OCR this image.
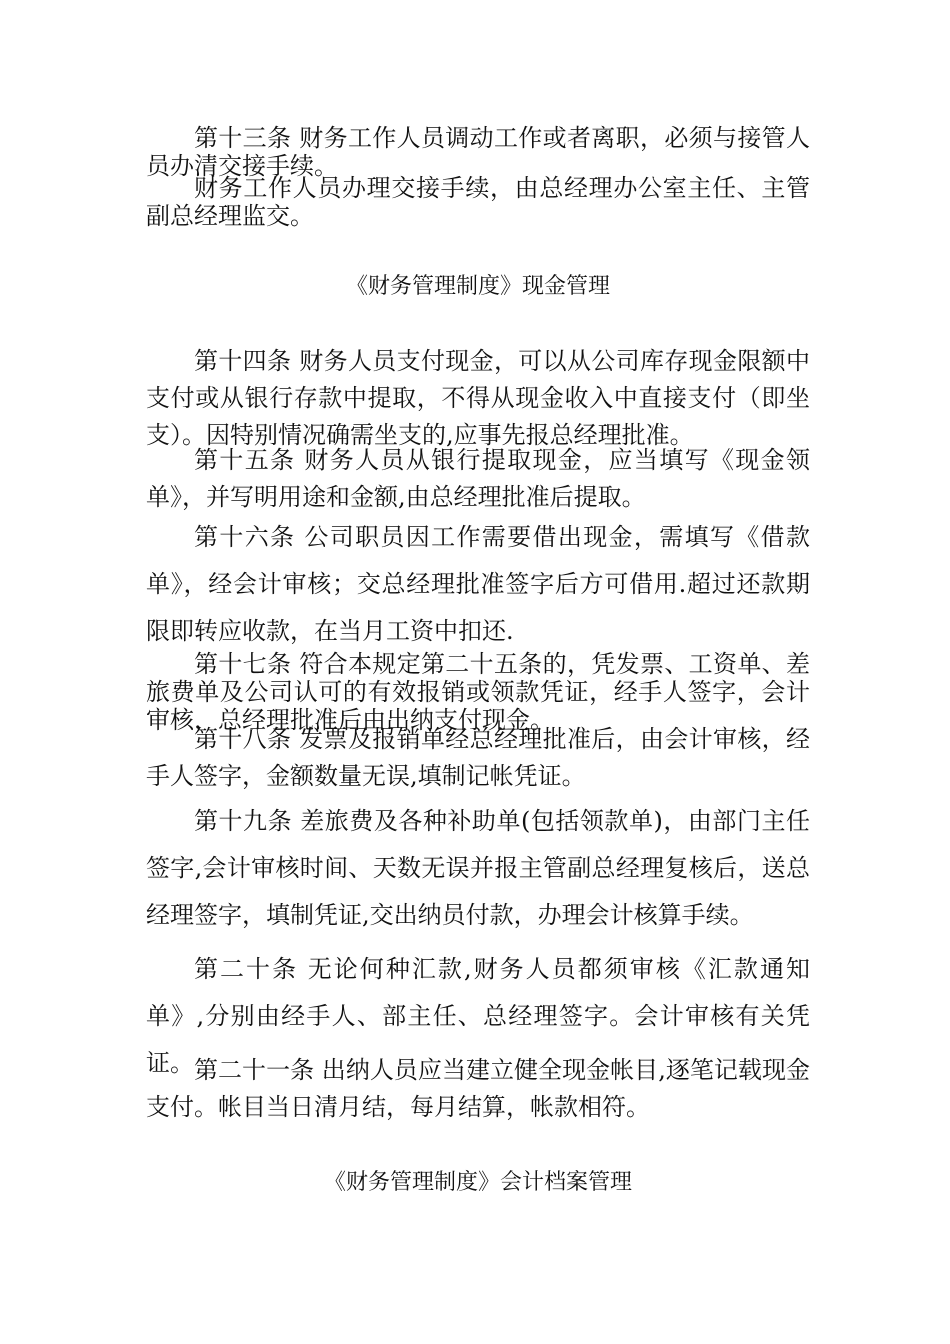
第十三条 财务工作人员调动工作或者离职，必须与接管人员办清交接手续。

财务工作人员办理交接手续，由总经理办公室主任、主管副总经理监交。

《财务管理制度》现金管理

第十四条 财务人员支付现金，可以从公司库存现金限额中支付或从银行存款中提取，不得从现金收入中直接支付（即坐支）。因特别情况确需坐支的,应事先报总经理批准。

第十五条 财务人员从银行提取现金，应当填写《现金领单》，并写明用途和金额,由总经理批准后提取。

第十六条 公司职员因工作需要借出现金，需填写《借款单》，经会计审核；交总经理批准签字后方可借用.超过还款期限即转应收款，在当月工资中扣还.

第十七条 符合本规定第二十五条的，凭发票、工资单、差旅费单及公司认可的有效报销或领款凭证，经手人签字，会计审核，总经理批准后由出纳支付现金。

第十八条 发票及报销单经总经理批准后，由会计审核，经手人签字，金额数量无误,填制记帐凭证。

第十九条 差旅费及各种补助单(包括领款单)，由部门主任签字,会计审核时间、天数无误并报主管副总经理复核后，送总经理签字，填制凭证,交出纳员付款，办理会计核算手续。

第二十条 无论何种汇款,财务人员都须审核《汇款通知单》,分别由经手人、部主任、总经理签字。会计审核有关凭证。 第二十一条 出纳人员应当建立健全现金帐目,逐笔记载现金支付。帐目当日清月结，每月结算，帐款相符。

《财务管理制度》会计档案管理
